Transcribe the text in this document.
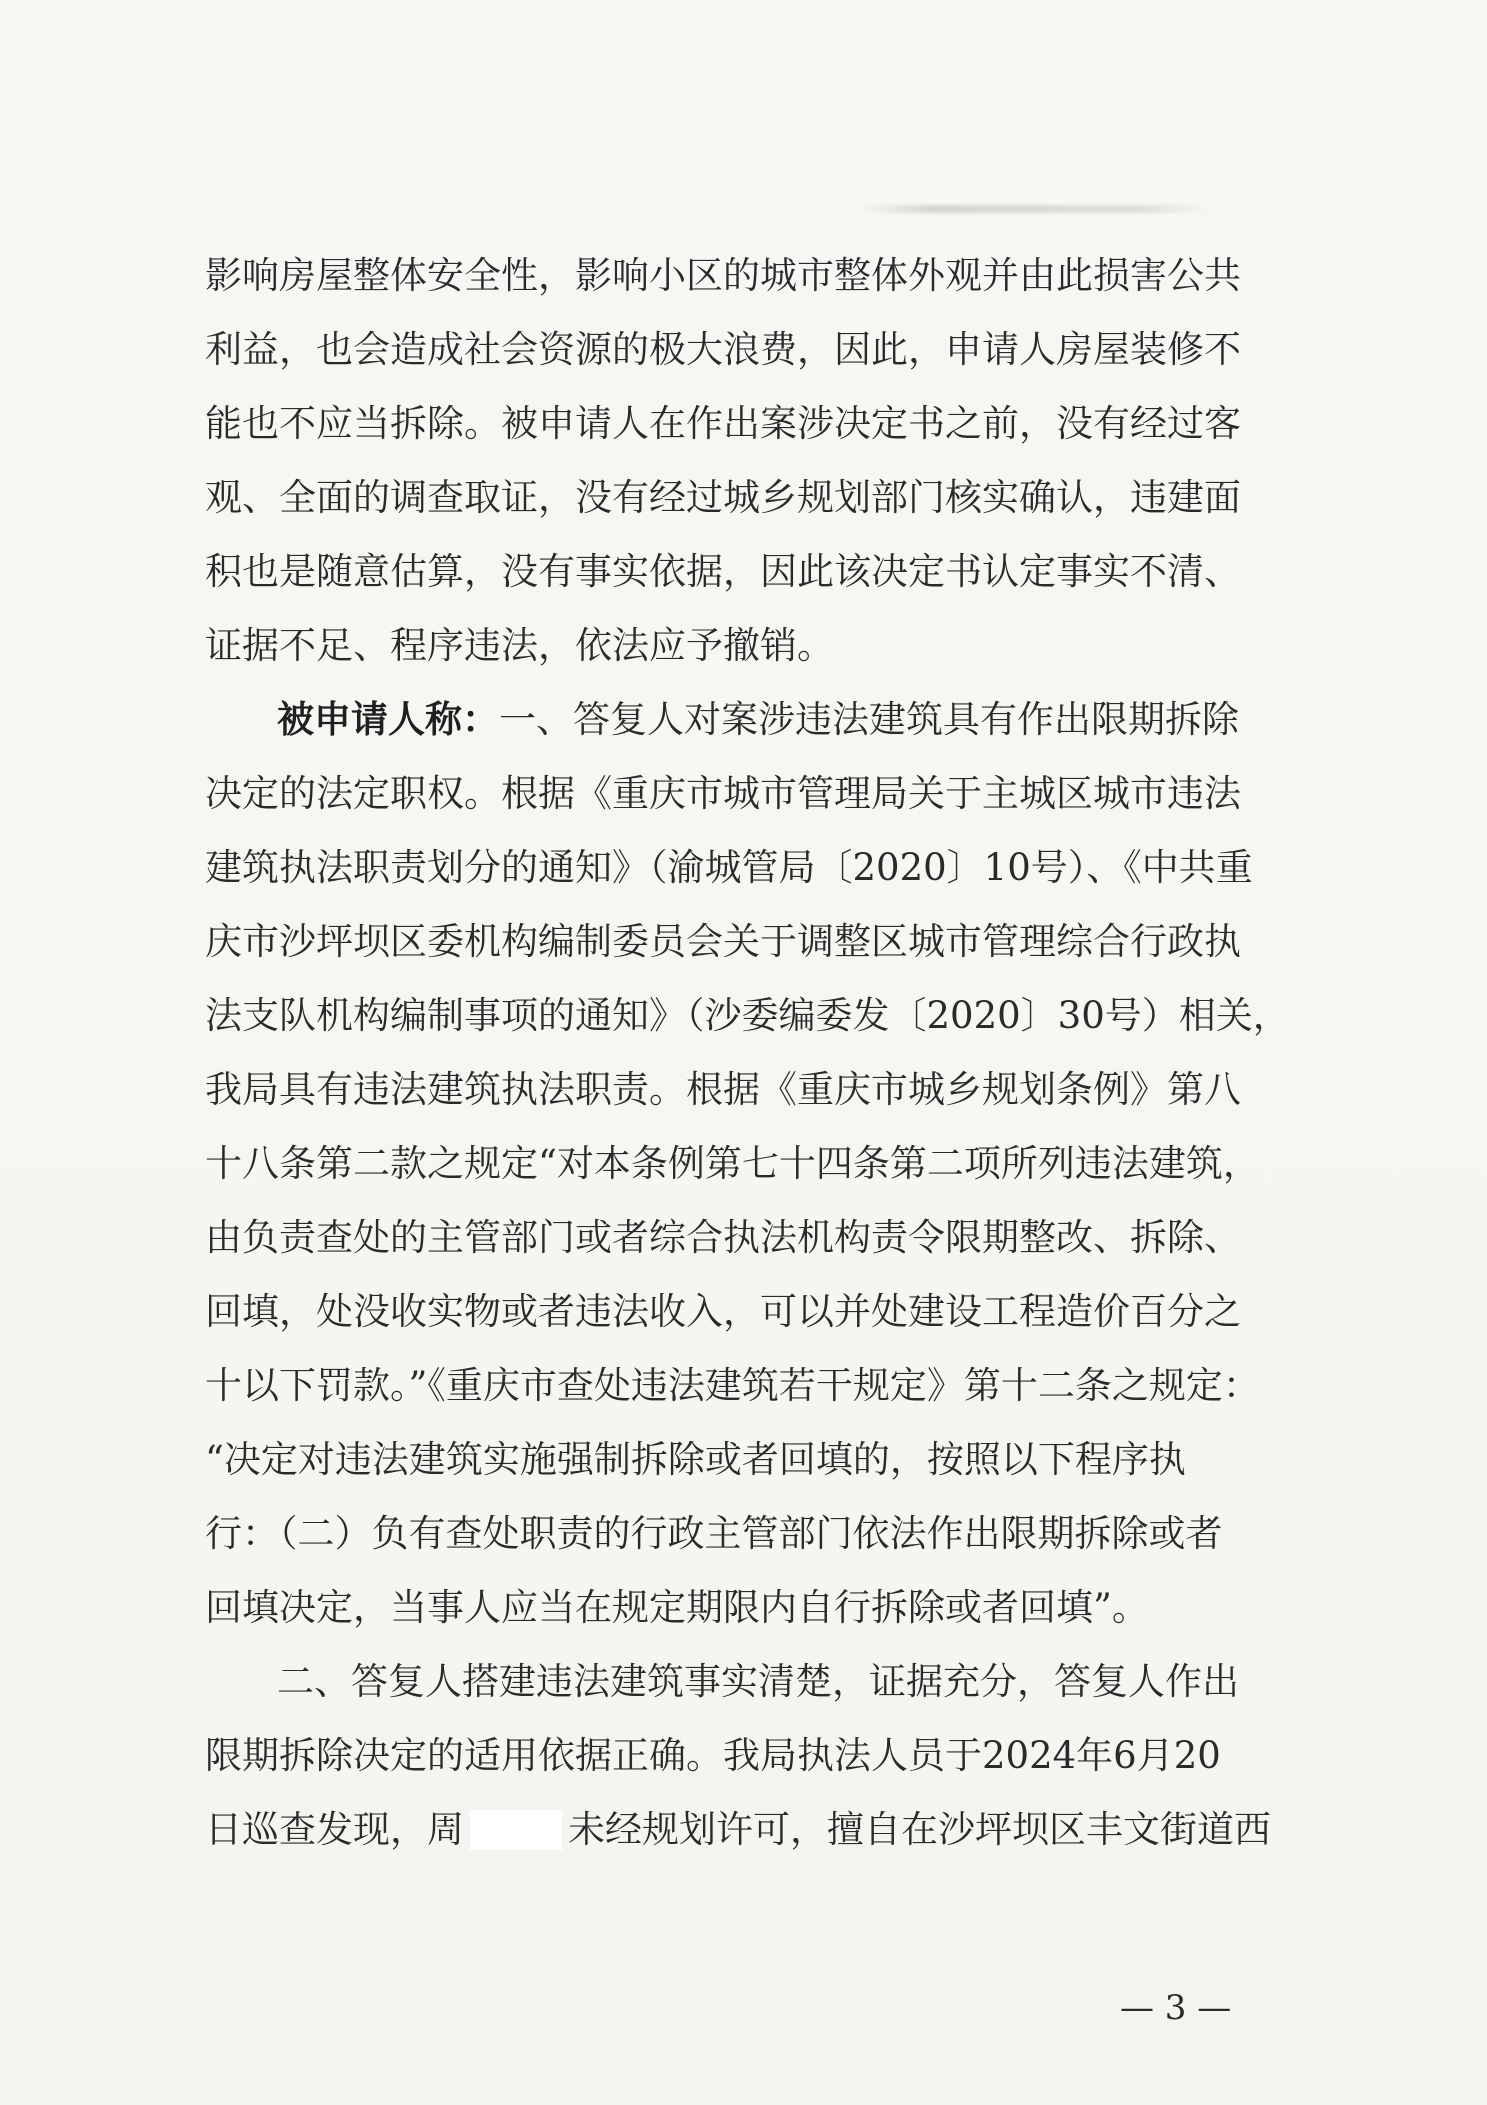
影响房屋整体安全性，影响小区的城市整体外观并由此损害公共
利益，也会造成社会资源的极大浪费，因此，申请人房屋装修不
能也不应当拆除。被申请人在作出案涉决定书之前，没有经过客
观、全面的调查取证，没有经过城乡规划部门核实确认，违建面
积也是随意估算，没有事实依据，因此该决定书认定事实不清、
证据不足、程序违法，依法应予撤销。
被申请人称：一、答复人对案涉违法建筑具有作出限期拆除
决定的法定职权。根据《重庆市城市管理局关于主城区城市违法
建筑执法职责划分的通知》（渝城管局〔2020〕10号）、《中共重
庆市沙坪坝区委机构编制委员会关于调整区城市管理综合行政执
法支队机构编制事项的通知》（沙委编委发〔2020〕30号）相关，
我局具有违法建筑执法职责。根据《重庆市城乡规划条例》第八
十八条第二款之规定“对本条例第七十四条第二项所列违法建筑，
由负责查处的主管部门或者综合执法机构责令限期整改、拆除、
回填，处没收实物或者违法收入，可以并处建设工程造价百分之
十以下罚款。”《重庆市查处违法建筑若干规定》第十二条之规定：
“决定对违法建筑实施强制拆除或者回填的，按照以下程序执
行：（二）负有查处职责的行政主管部门依法作出限期拆除或者
回填决定，当事人应当在规定期限内自行拆除或者回填”。
二、答复人搭建违法建筑事实清楚，证据充分，答复人作出
限期拆除决定的适用依据正确。我局执法人员于2024年6月20
日巡查发现，周	未经规划许可，擅自在沙坪坝区丰文街道西
— 3 —
